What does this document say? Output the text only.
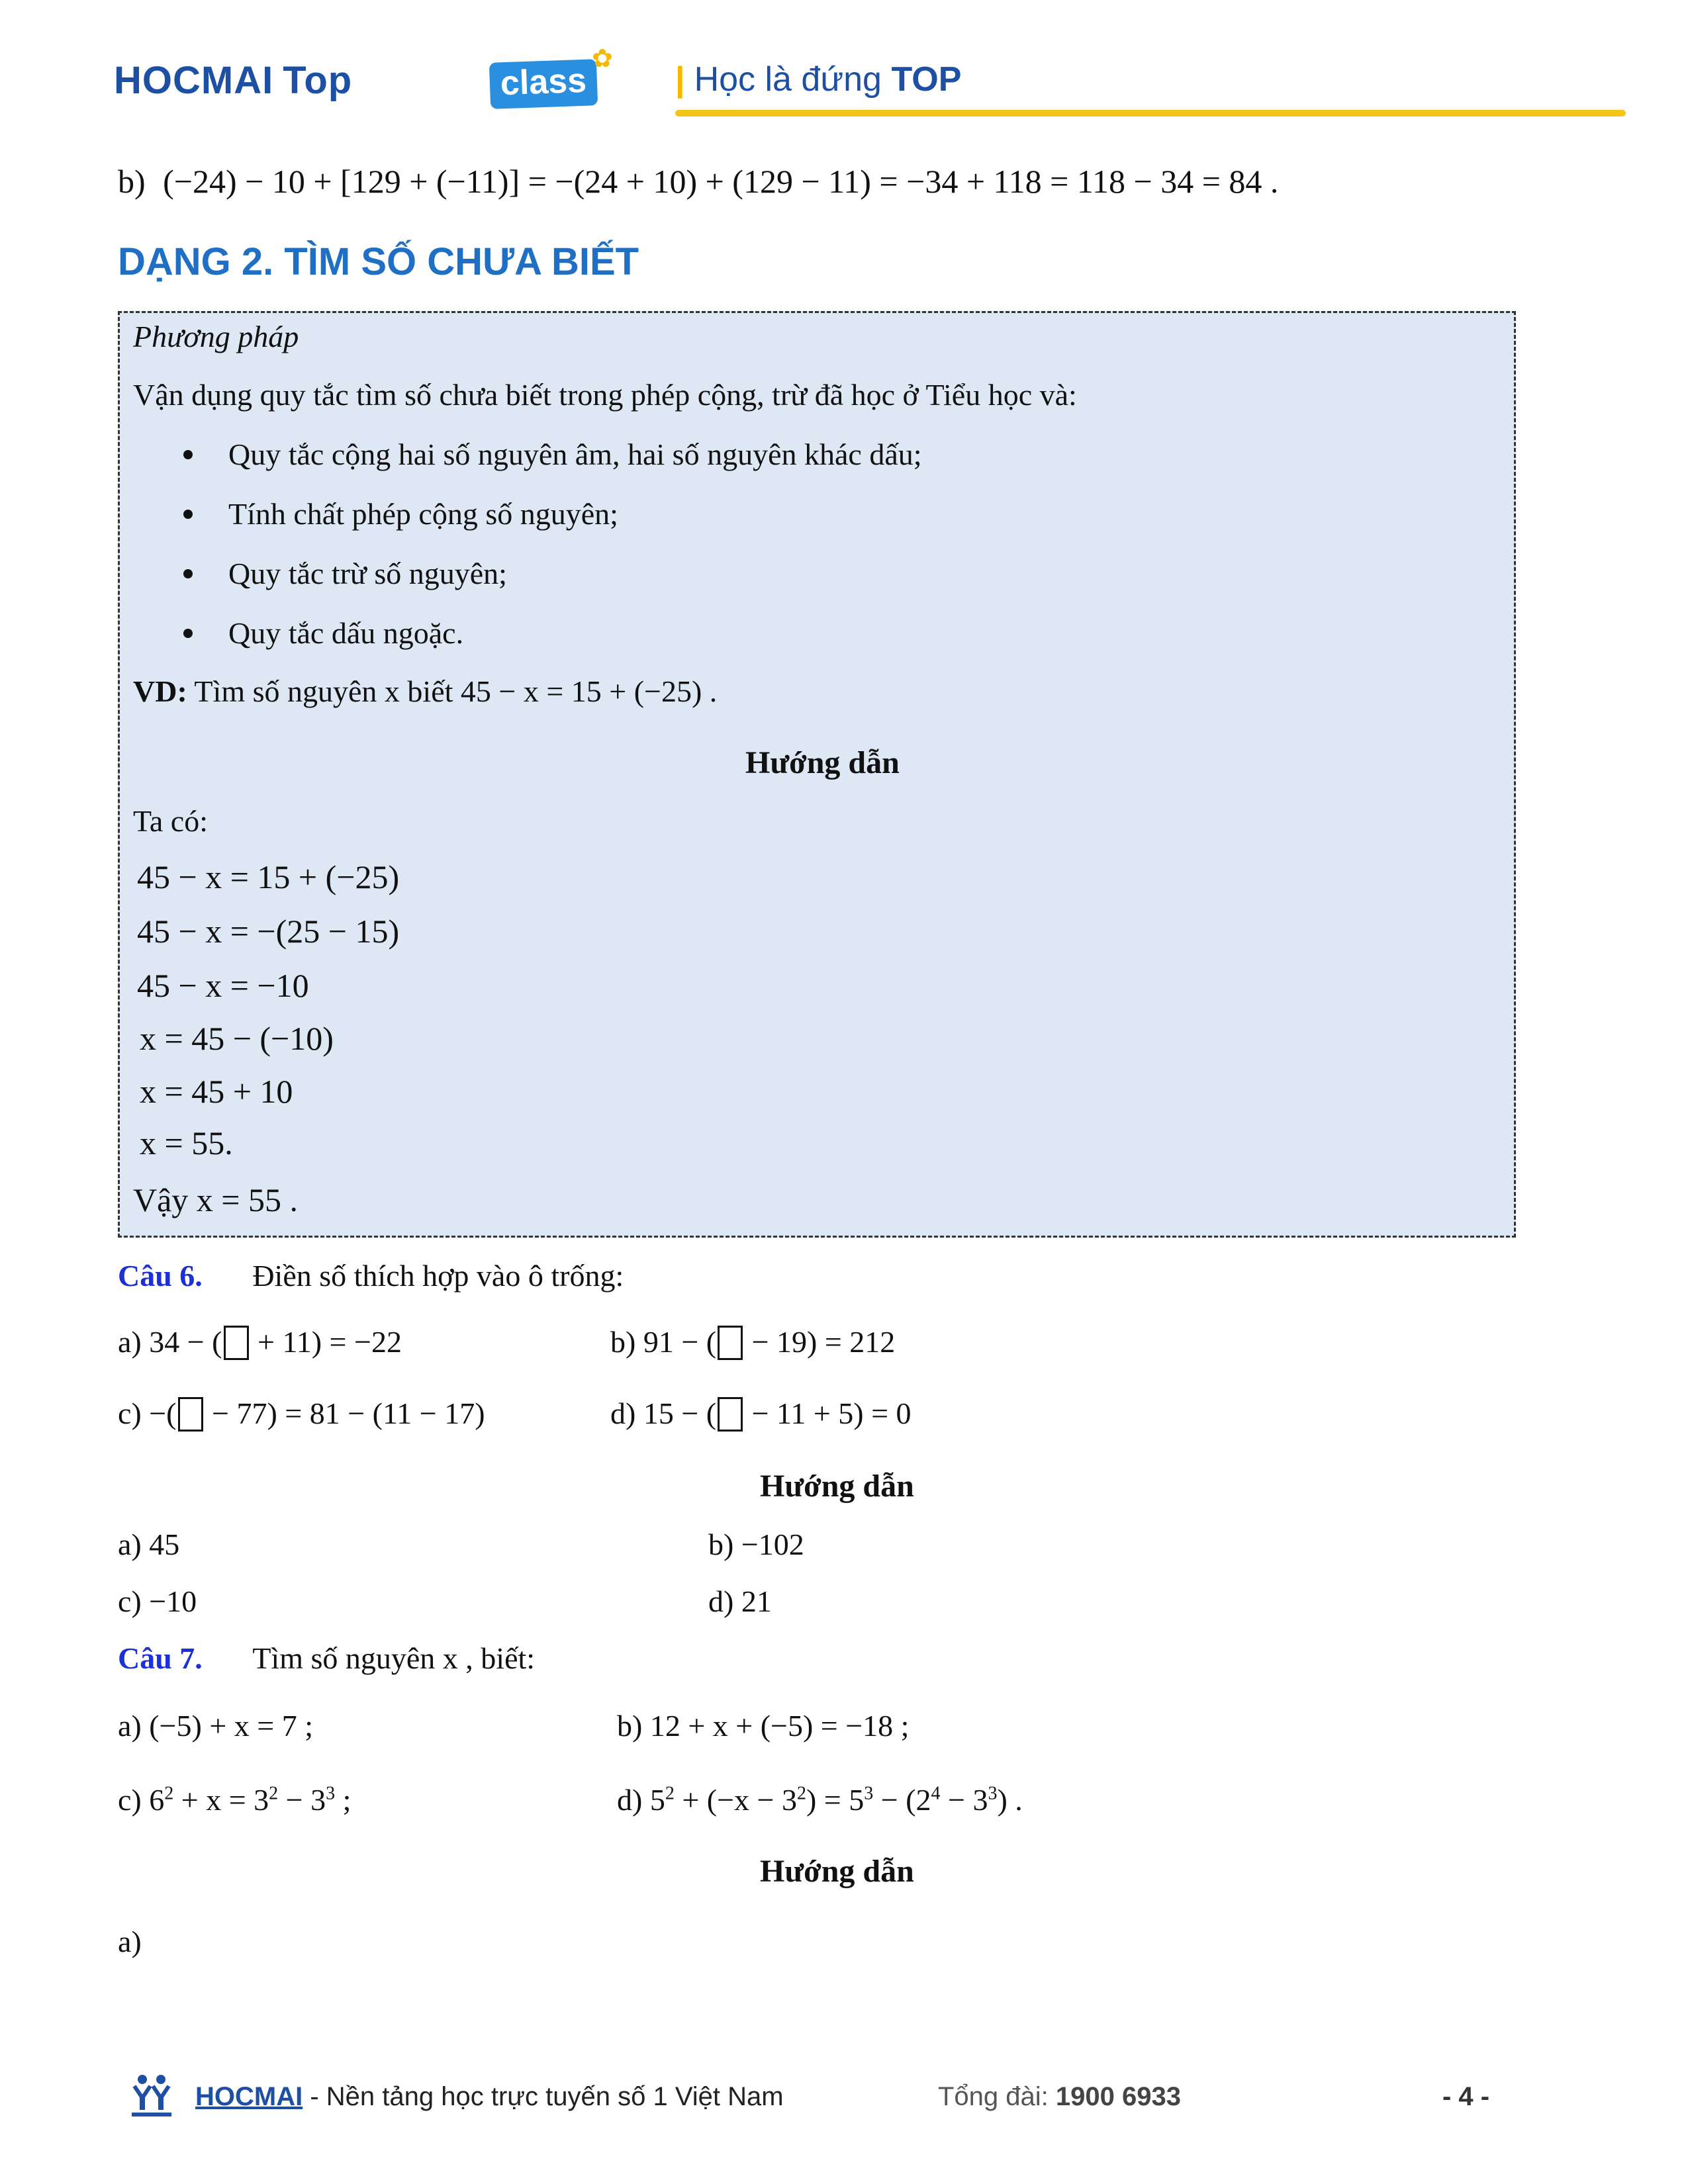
HOCMAI Top	class
✿
| Học là đứng TOP
b) (−24) − 10 + [129 + (−11)] = −(24 + 10) + (129 − 11) = −34 + 118 = 118 − 34 = 84 .
DẠNG 2. TÌM SỐ CHƯA BIẾT
Phương pháp
Vận dụng quy tắc tìm số chưa biết trong phép cộng, trừ đã học ở Tiểu học và:
Quy tắc cộng hai số nguyên âm, hai số nguyên khác dấu;
Tính chất phép cộng số nguyên;
Quy tắc trừ số nguyên;
Quy tắc dấu ngoặc.
VD: Tìm số nguyên x biết 45 − x = 15 + (−25) .
Hướng dẫn
Ta có:
45 − x = 15 + (−25)
45 − x = −(25 − 15)
45 − x = −10
x = 45 − (−10)
x = 45 + 10
x = 55.
Vậy x = 55 .
Câu 6. Điền số thích hợp vào ô trống:
a) 34 − ( + 11) = −22	b) 91 − ( − 19) = 212
c) −( − 77) = 81 − (11 − 17)	d) 15 − ( − 11 + 5) = 0
Hướng dẫn
a) 45	b) −102
c) −10	d) 21
Câu 7. Tìm số nguyên x , biết:
a) (−5) + x = 7 ;	b) 12 + x + (−5) = −18 ;
c) $6^2 + x = 3^2 - 3^3$ ;	d) $5^2 + (-x - 3^2) = 5^3 - (2^4 - 3^3)$ .
Hướng dẫn
a)
HOCMAI - Nền tảng học trực tuyến số 1 Việt Nam	Tổng đài: 1900 6933	- 4 -
